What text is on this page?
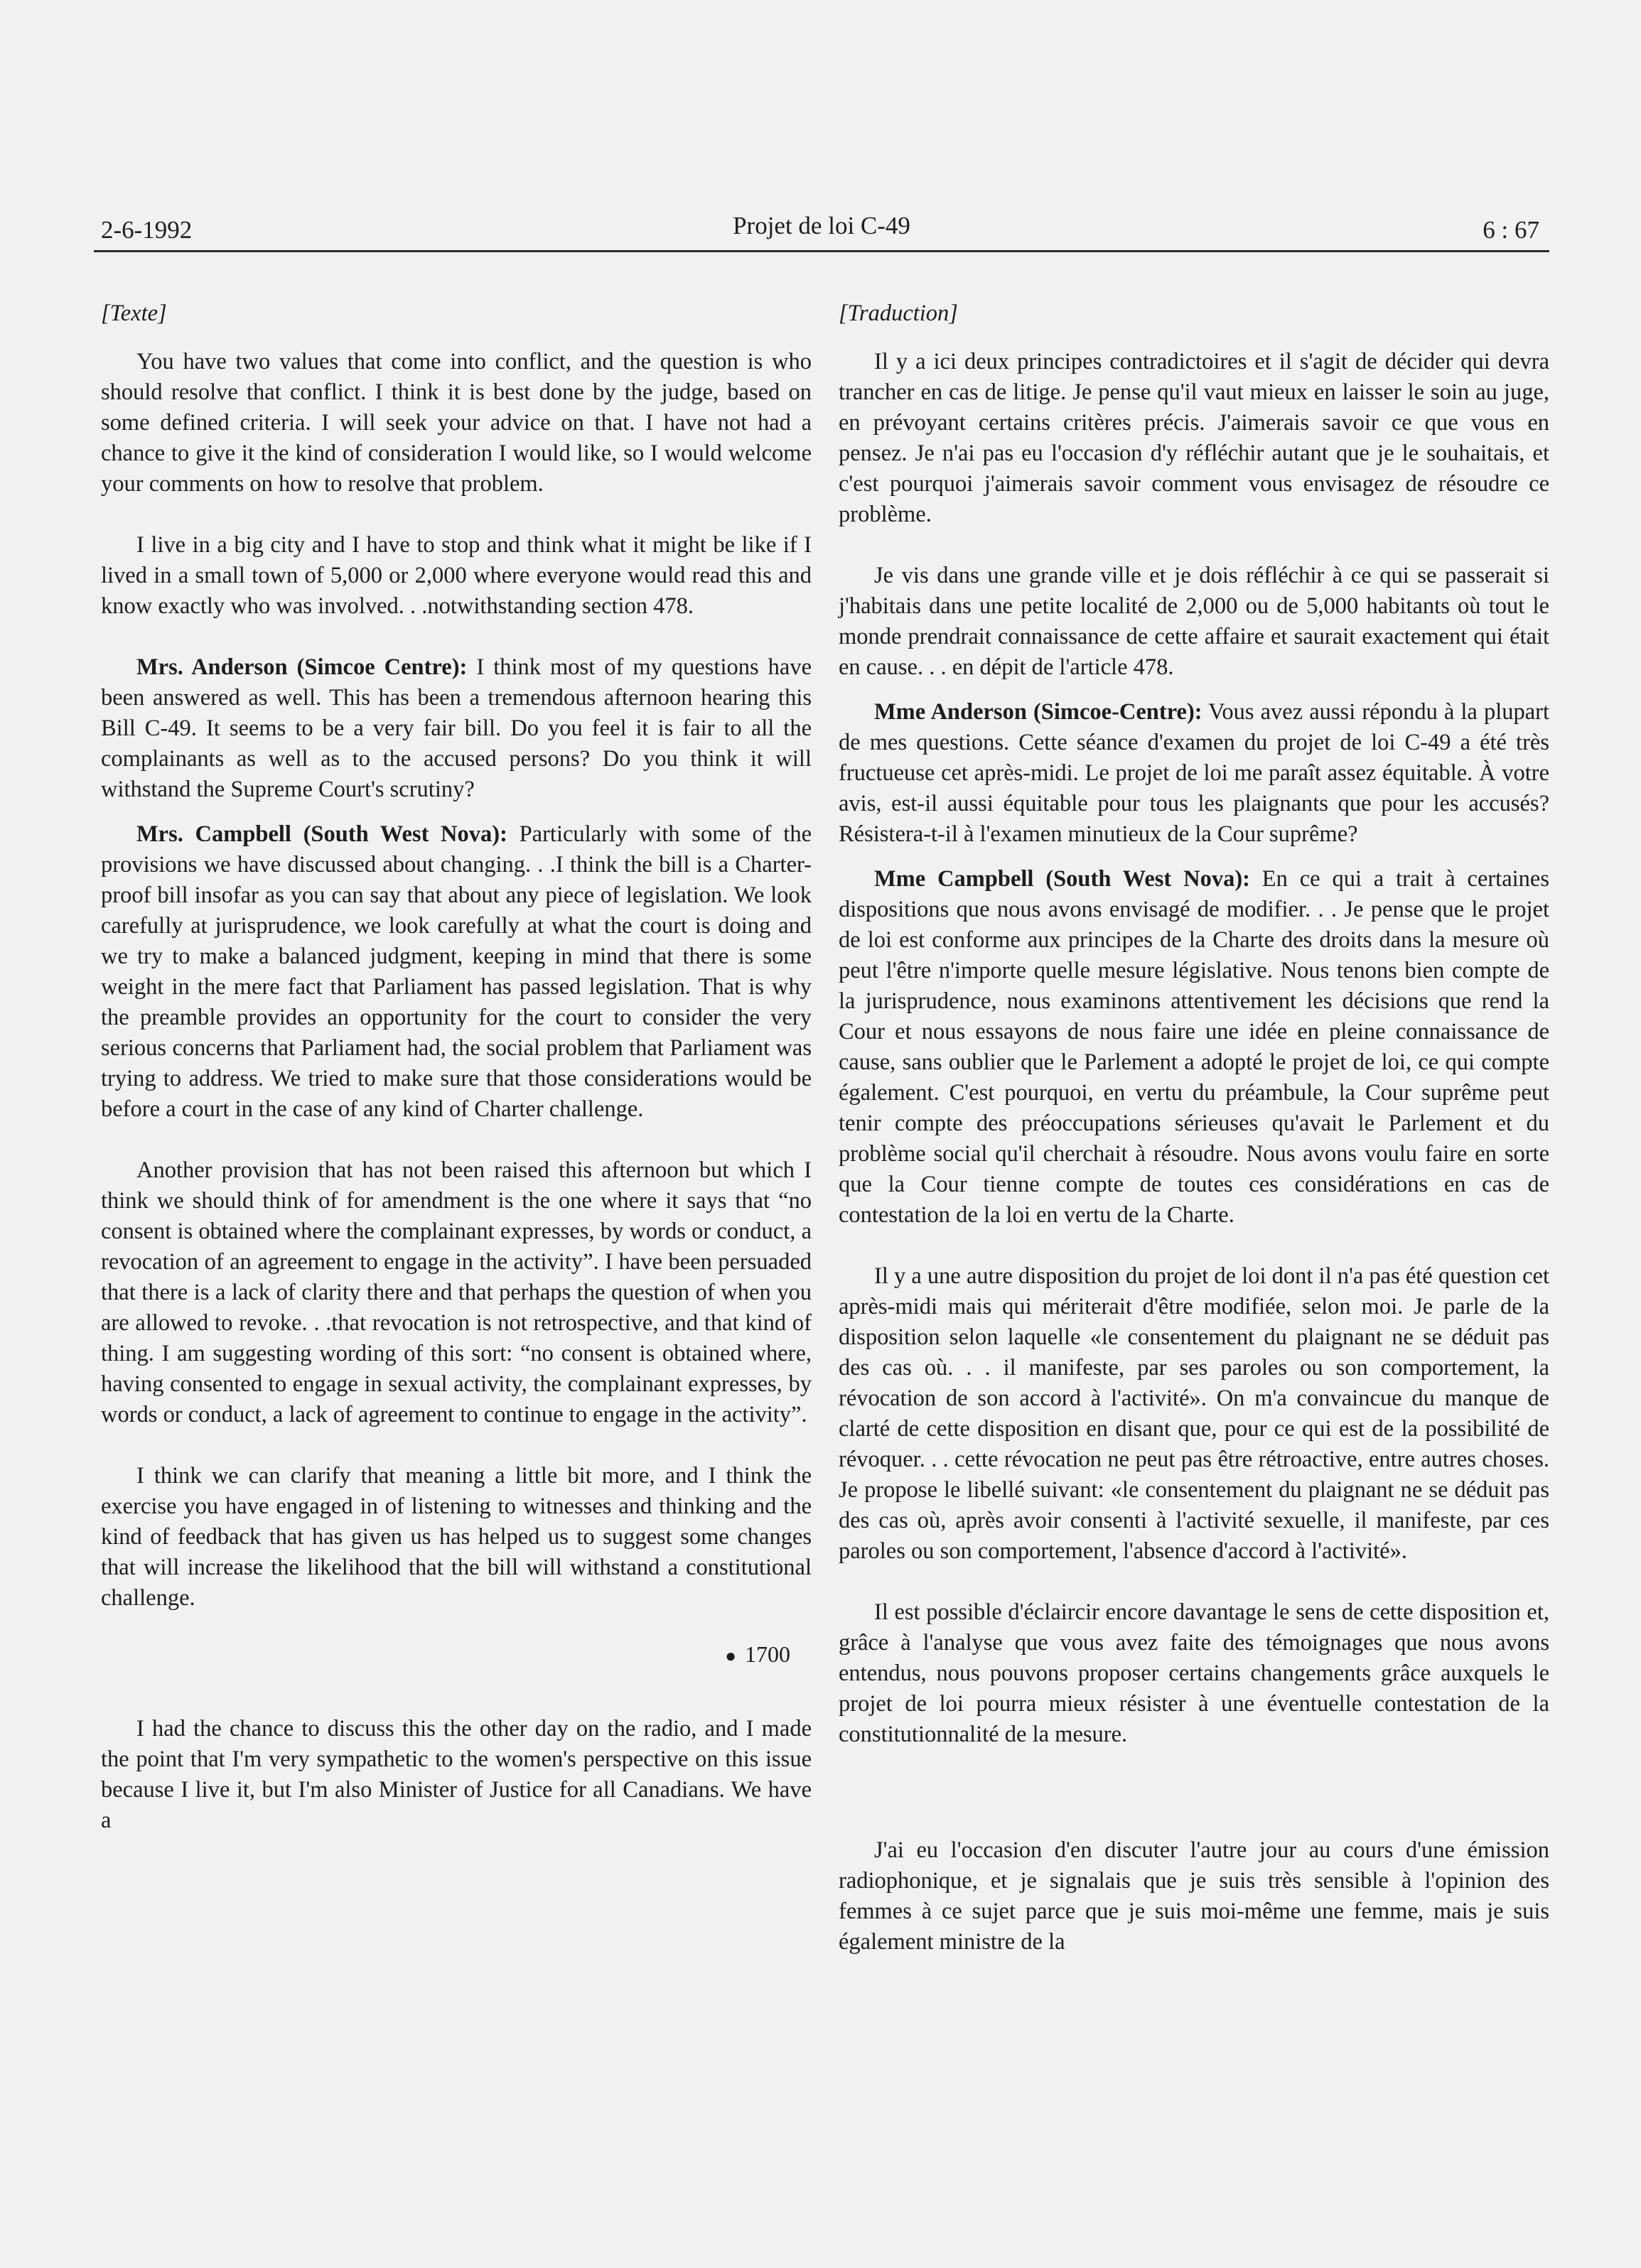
2-6-1992	Projet de loi C-49	6 : 67
[Texte]

You have two values that come into conflict, and the question is who should resolve that conflict. I think it is best done by the judge, based on some defined criteria. I will seek your advice on that. I have not had a chance to give it the kind of consideration I would like, so I would welcome your comments on how to resolve that problem.

I live in a big city and I have to stop and think what it might be like if I lived in a small town of 5,000 or 2,000 where everyone would read this and know exactly who was involved. . .notwithstanding section 478.

Mrs. Anderson (Simcoe Centre): I think most of my questions have been answered as well. This has been a tremendous afternoon hearing this Bill C-49. It seems to be a very fair bill. Do you feel it is fair to all the complainants as well as to the accused persons? Do you think it will withstand the Supreme Court's scrutiny?

Mrs. Campbell (South West Nova): Particularly with some of the provisions we have discussed about changing. . .I think the bill is a Charter-proof bill insofar as you can say that about any piece of legislation. We look carefully at jurisprudence, we look carefully at what the court is doing and we try to make a balanced judgment, keeping in mind that there is some weight in the mere fact that Parliament has passed legislation. That is why the preamble provides an opportunity for the court to consider the very serious concerns that Parliament had, the social problem that Parliament was trying to address. We tried to make sure that those considerations would be before a court in the case of any kind of Charter challenge.

Another provision that has not been raised this afternoon but which I think we should think of for amendment is the one where it says that “no consent is obtained where the complainant expresses, by words or conduct, a revocation of an agreement to engage in the activity”. I have been persuaded that there is a lack of clarity there and that perhaps the question of when you are allowed to revoke. . .that revocation is not retrospective, and that kind of thing. I am suggesting wording of this sort: “no consent is obtained where, having consented to engage in sexual activity, the complainant expresses, by words or conduct, a lack of agreement to continue to engage in the activity”.

I think we can clarify that meaning a little bit more, and I think the exercise you have engaged in of listening to witnesses and thinking and the kind of feedback that has given us has helped us to suggest some changes that will increase the likelihood that the bill will withstand a constitutional challenge.

● 1700

I had the chance to discuss this the other day on the radio, and I made the point that I'm very sympathetic to the women's perspective on this issue because I live it, but I'm also Minister of Justice for all Canadians. We have a

[Traduction]

Il y a ici deux principes contradictoires et il s'agit de décider qui devra trancher en cas de litige. Je pense qu'il vaut mieux en laisser le soin au juge, en prévoyant certains critères précis. J'aimerais savoir ce que vous en pensez. Je n'ai pas eu l'occasion d'y réfléchir autant que je le souhaitais, et c'est pourquoi j'aimerais savoir comment vous envisagez de résoudre ce problème.

Je vis dans une grande ville et je dois réfléchir à ce qui se passerait si j'habitais dans une petite localité de 2,000 ou de 5,000 habitants où tout le monde prendrait connaissance de cette affaire et saurait exactement qui était en cause. . . en dépit de l'article 478.

Mme Anderson (Simcoe-Centre): Vous avez aussi répondu à la plupart de mes questions. Cette séance d'examen du projet de loi C-49 a été très fructueuse cet après-midi. Le projet de loi me paraît assez équitable. À votre avis, est-il aussi équitable pour tous les plaignants que pour les accusés? Résistera-t-il à l'examen minutieux de la Cour suprême?

Mme Campbell (South West Nova): En ce qui a trait à certaines dispositions que nous avons envisagé de modifier. . . Je pense que le projet de loi est conforme aux principes de la Charte des droits dans la mesure où peut l'être n'importe quelle mesure législative. Nous tenons bien compte de la jurisprudence, nous examinons attentivement les décisions que rend la Cour et nous essayons de nous faire une idée en pleine connaissance de cause, sans oublier que le Parlement a adopté le projet de loi, ce qui compte également. C'est pourquoi, en vertu du préambule, la Cour suprême peut tenir compte des préoccupations sérieuses qu'avait le Parlement et du problème social qu'il cherchait à résoudre. Nous avons voulu faire en sorte que la Cour tienne compte de toutes ces considérations en cas de contestation de la loi en vertu de la Charte.

Il y a une autre disposition du projet de loi dont il n'a pas été question cet après-midi mais qui mériterait d'être modifiée, selon moi. Je parle de la disposition selon laquelle «le consentement du plaignant ne se déduit pas des cas où. . . il manifeste, par ses paroles ou son comportement, la révocation de son accord à l'activité». On m'a convaincue du manque de clarté de cette disposition en disant que, pour ce qui est de la possibilité de révoquer. . . cette révocation ne peut pas être rétroactive, entre autres choses. Je propose le libellé suivant: «le consentement du plaignant ne se déduit pas des cas où, après avoir consenti à l'activité sexuelle, il manifeste, par ces paroles ou son comportement, l'absence d'accord à l'activité».

Il est possible d'éclaircir encore davantage le sens de cette disposition et, grâce à l'analyse que vous avez faite des témoignages que nous avons entendus, nous pouvons proposer certains changements grâce auxquels le projet de loi pourra mieux résister à une éventuelle contestation de la constitutionnalité de la mesure.

J'ai eu l'occasion d'en discuter l'autre jour au cours d'une émission radiophonique, et je signalais que je suis très sensible à l'opinion des femmes à ce sujet parce que je suis moi-même une femme, mais je suis également ministre de la
